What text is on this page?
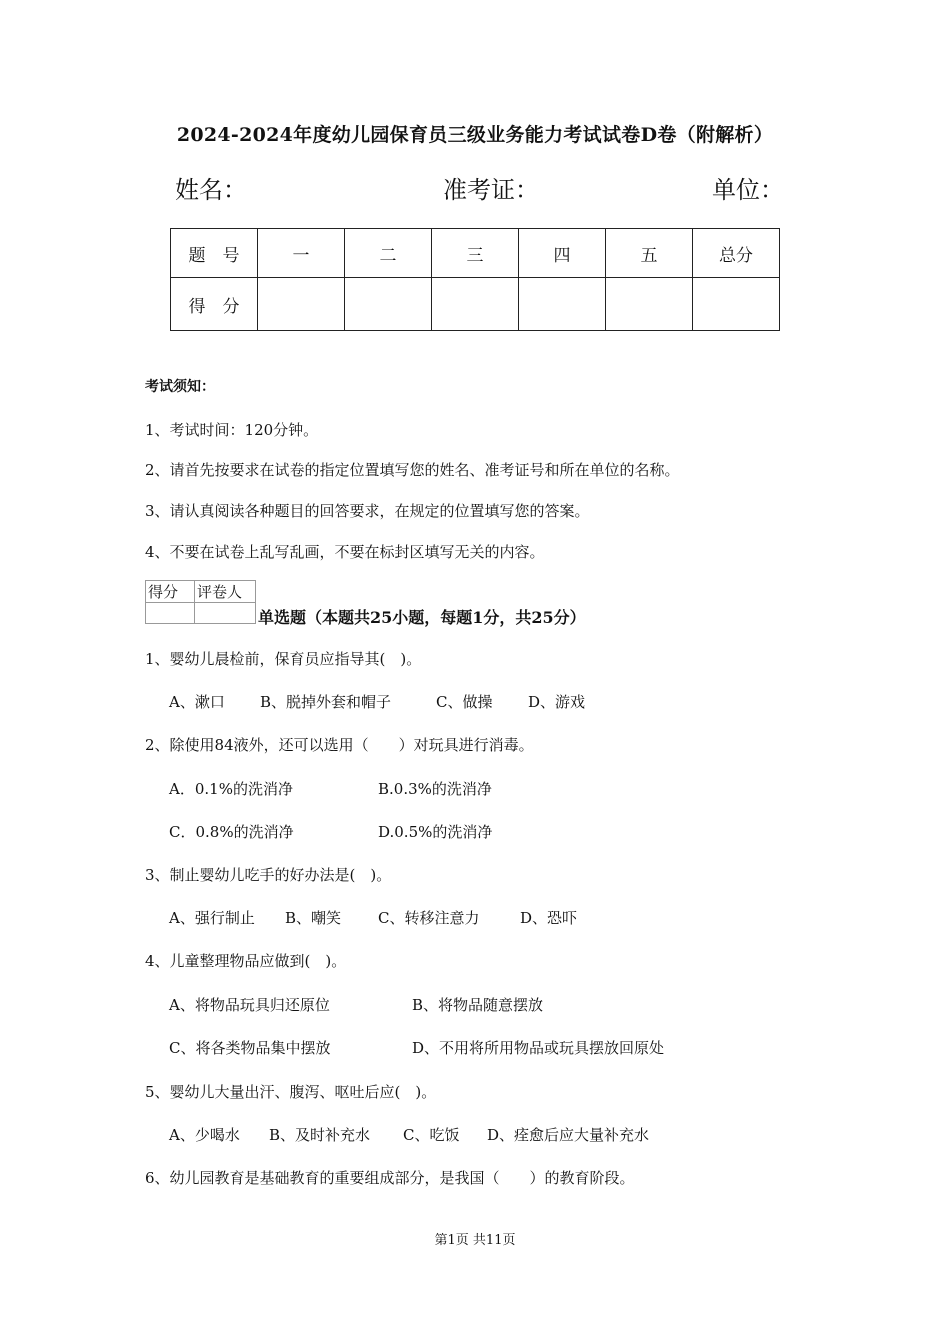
2024-2024年度幼儿园保育员三级业务能力考试试卷D卷（附解析）
姓名：	准考证：	单位：
题　号	一	二	三	四	五	总分
得　分						
考试须知：
1、考试时间：120分钟。
2、请首先按要求在试卷的指定位置填写您的姓名、准考证号和所在单位的名称。
3、请认真阅读各种题目的回答要求，在规定的位置填写您的答案。
4、不要在试卷上乱写乱画，不要在标封区填写无关的内容。
得分	评卷人

单选题（本题共25小题，每题1分，共25分）
1、婴幼儿晨检前，保育员应指导其(　)。
A、漱口 B、脱掉外套和帽子	C、做操 D、游戏
2、除使用84液外，还可以选用（　　）对玩具进行消毒。
A．0.1%的洗消净	B.0.3%的洗消净
C．0.8%的洗消净	D.0.5%的洗消净
3、制止婴幼儿吃手的好办法是(　)。
A、强行制止 B、嘲笑 C、转移注意力	D、恐吓
4、儿童整理物品应做到(　)。
A、将物品玩具归还原位	B、将物品随意摆放
C、将各类物品集中摆放	D、不用将所用物品或玩具摆放回原处
5、婴幼儿大量出汗、腹泻、呕吐后应(　)。
A、少喝水 B、及时补充水 C、吃饭 D、痊愈后应大量补充水
6、幼儿园教育是基础教育的重要组成部分，是我国（　　）的教育阶段。
第1页 共11页
